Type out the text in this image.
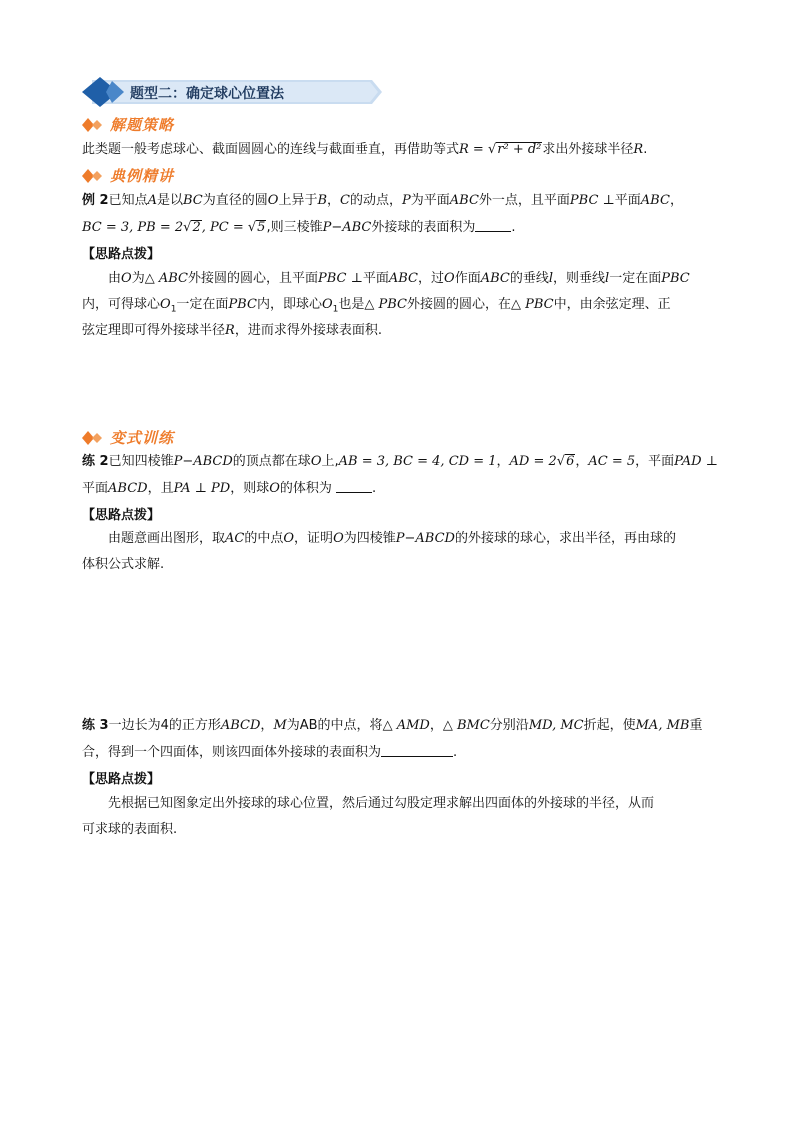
题型二：确定球心位置法
解题策略
此类题一般考虑球心、截面圆圆心的连线与截面垂直，再借助等式R = √r² + d²求出外接球半径R.
典例精讲
例 2已知点A是以BC为直径的圆O上异于B，C的动点，P为平面ABC外一点，且平面PBC ⊥平面ABC，
BC = 3, PB = 2√2, PC = √5,则三棱锥P−ABC外接球的表面积为	.
【思路点拨】
由O为△ ABC外接圆的圆心，且平面PBC ⊥平面ABC，过O作面ABC的垂线l，则垂线l一定在面PBC
内，可得球心$O_1$一定在面PBC内，即球心$O_1$也是△ PBC外接圆的圆心，在△ PBC中，由余弦定理、正
弦定理即可得外接球半径R，进而求得外接球表面积.
变式训练
练 2已知四棱锥P−ABCD的顶点都在球O上,AB = 3, BC = 4, CD = 1，AD = 2√6，AC = 5，平面PAD ⊥
平面ABCD，且PA ⊥ PD，则球O的体积为	.
【思路点拨】
由题意画出图形，取AC的中点O，证明O为四棱锥P−ABCD的外接球的球心，求出半径，再由球的
体积公式求解.
练 3一边长为4的正方形ABCD，M为AB的中点，将△ AMD，△ BMC分别沿MD, MC折起，使MA, MB重
合，得到一个四面体，则该四面体外接球的表面积为	.
【思路点拨】
先根据已知图象定出外接球的球心位置，然后通过勾股定理求解出四面体的外接球的半径，从而
可求球的表面积.
